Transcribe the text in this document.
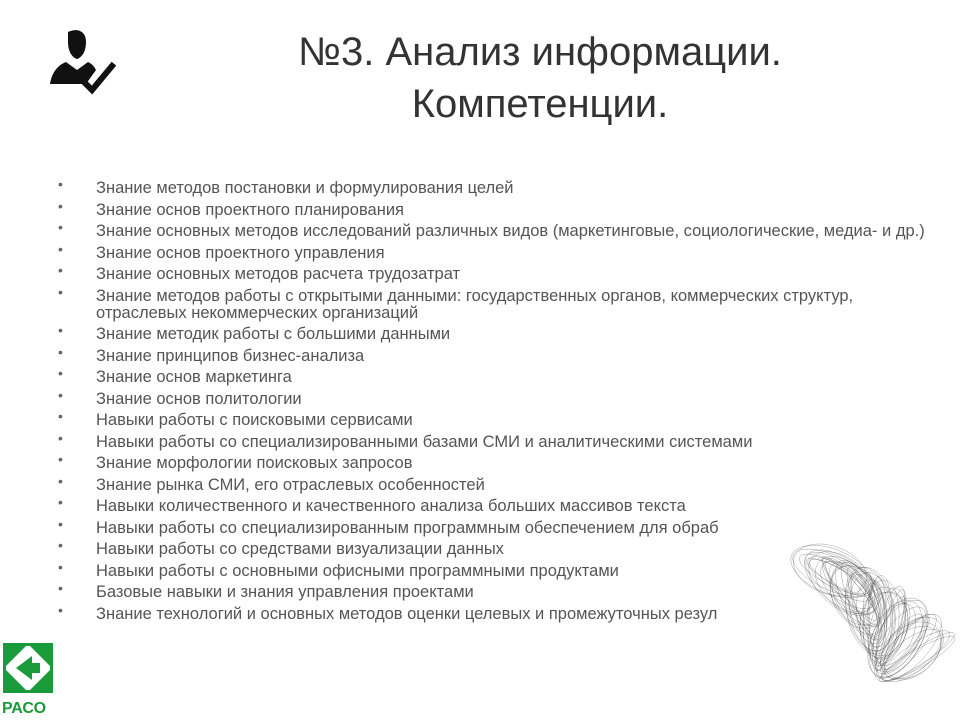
№3. Анализ информации.
Компетенции.
• Знание методов постановки и формулирования целей
• Знание основ проектного планирования
• Знание основных методов исследований различных видов (маркетинговые, социологические, медиа- и др.)
• Знание основ проектного управления
• Знание основных методов расчета трудозатрат
• Знание методов работы с открытыми данными: государственных органов, коммерческих структур, отраслевых некоммерческих организаций
• Знание методик работы с большими данными
• Знание принципов бизнес-анализа
• Знание основ маркетинга
• Знание основ политологии
• Навыки работы с поисковыми сервисами
• Навыки работы со специализированными базами СМИ и аналитическими системами
• Знание морфологии поисковых запросов
• Знание рынка СМИ, его отраслевых особенностей
• Навыки количественного и качественного анализа больших массивов текста
• Навыки работы со специализированным программным обеспечением для обраб
• Навыки работы со средствами визуализации данных
• Навыки работы с основными офисными программными продуктами
• Базовые навыки и знания управления проектами
• Знание технологий и основных методов оценки целевых и промежуточных резул
РАСО
